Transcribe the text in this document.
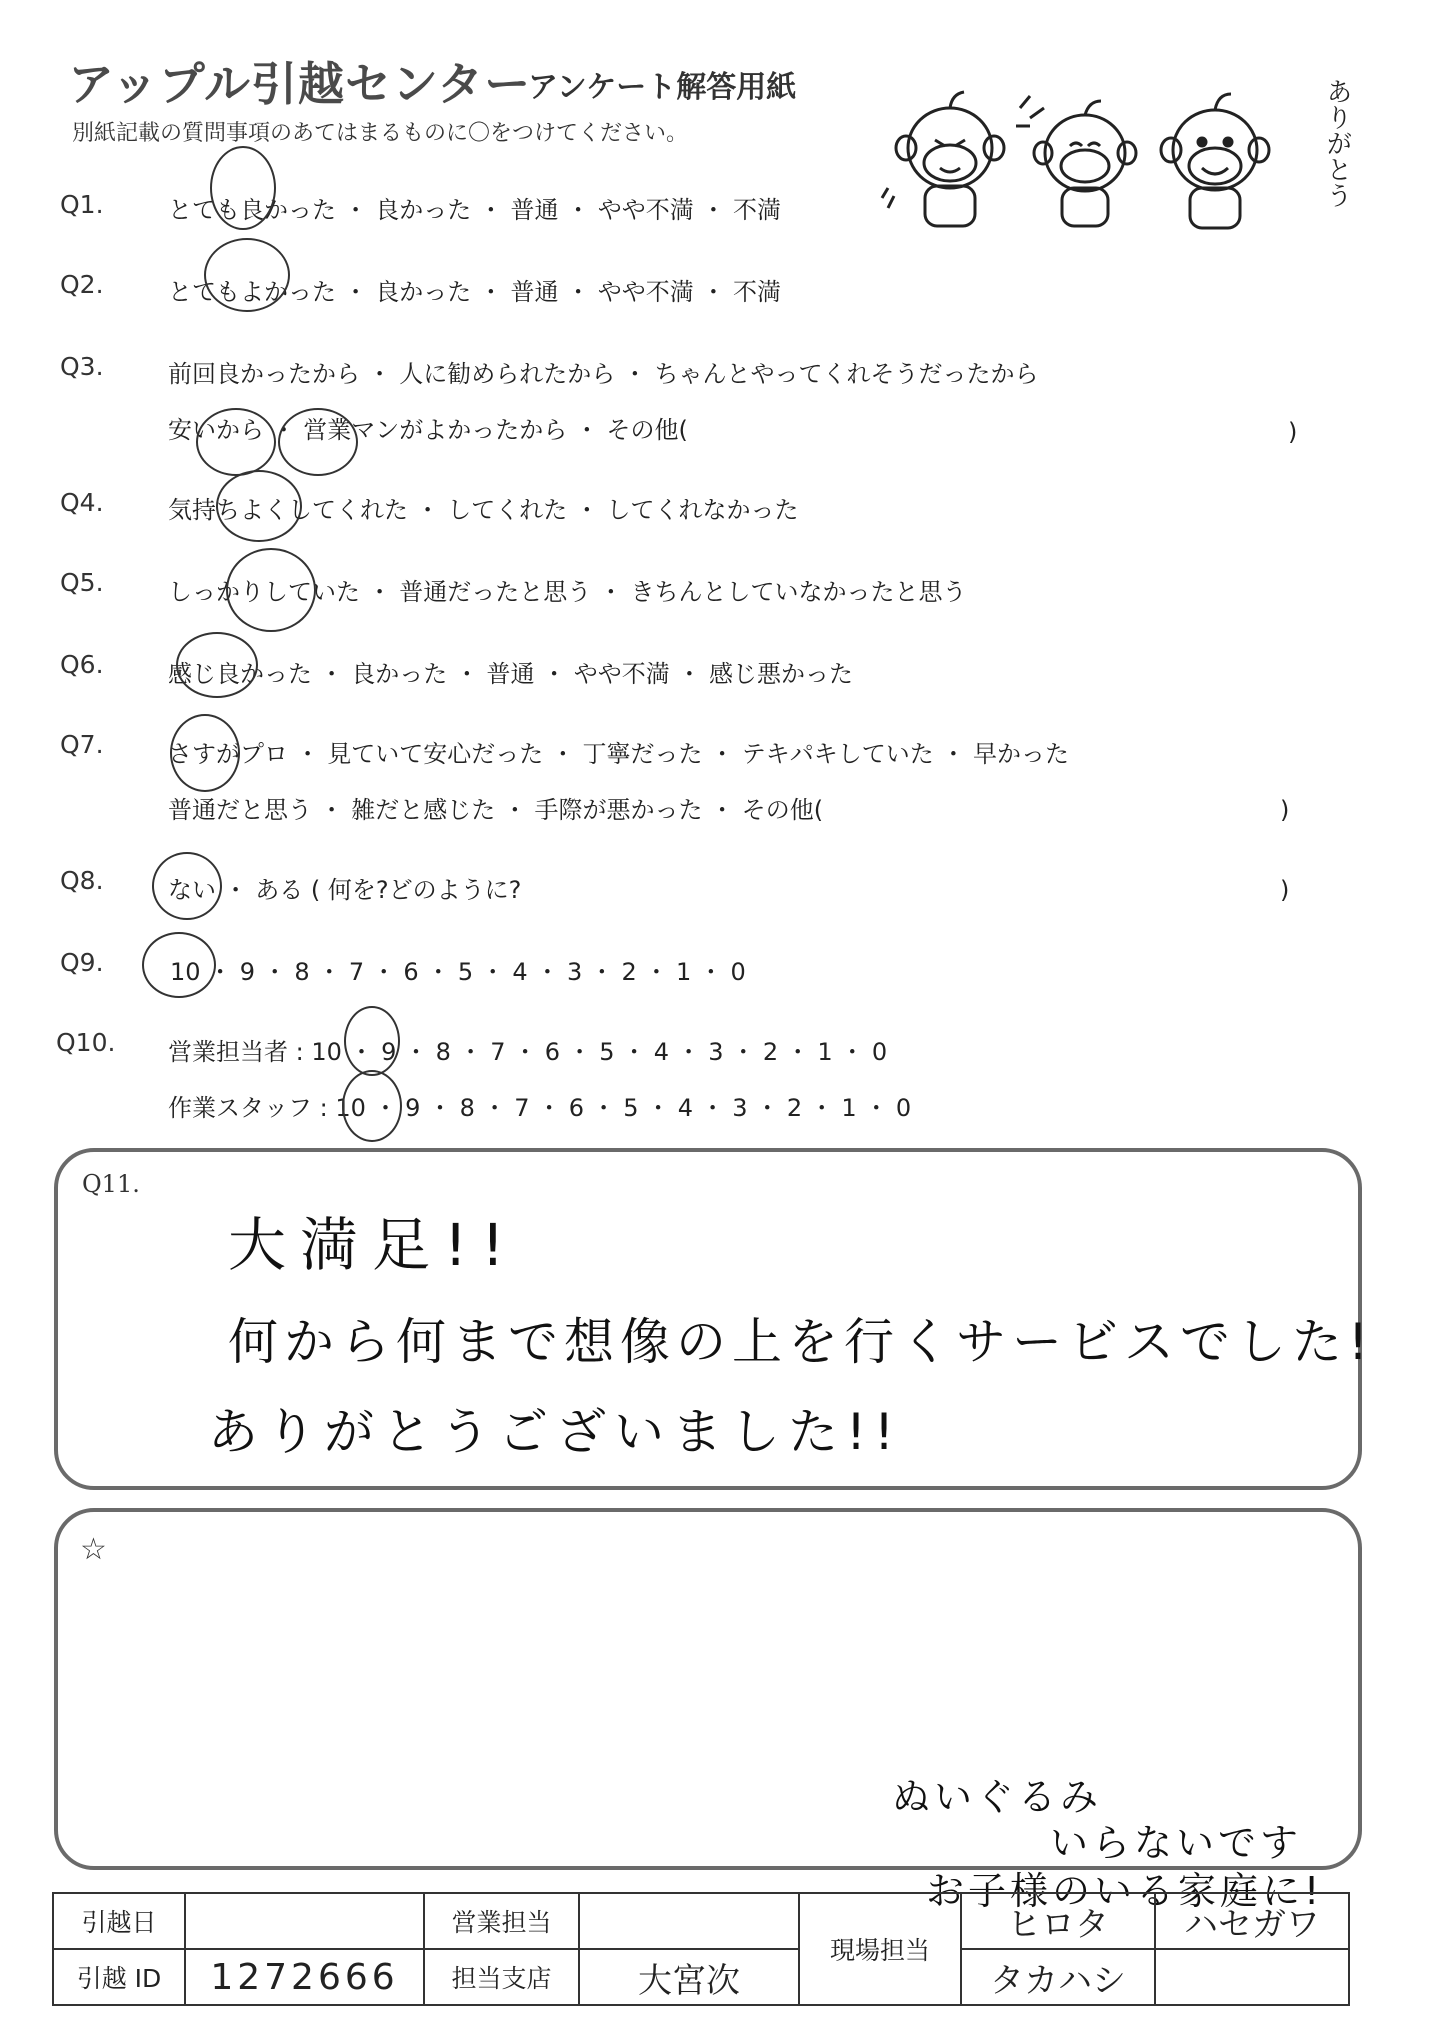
アップル引越センター
アンケート解答用紙
別紙記載の質問事項のあてはまるものに〇をつけてください。	ありがとう
Q1.	とても良かった ・ 良かった ・ 普通 ・ やや不満 ・ 不満
Q2.	とてもよかった ・ 良かった ・ 普通 ・ やや不満 ・ 不満
Q3.	前回良かったから ・ 人に勧められたから ・ ちゃんとやってくれそうだったから
安いから ・ 営業マンがよかったから ・ その他(	)
Q4.	気持ちよくしてくれた ・ してくれた ・ してくれなかった
Q5.	しっかりしていた ・ 普通だったと思う ・ きちんとしていなかったと思う
Q6.	感じ良かった ・ 良かった ・ 普通 ・ やや不満 ・ 感じ悪かった
Q7.	さすがプロ ・ 見ていて安心だった ・ 丁寧だった ・ テキパキしていた ・ 早かった
普通だと思う ・ 雑だと感じた ・ 手際が悪かった ・ その他(	)
Q8.	ない ・ ある ( 何を?どのように?	)
Q9.	10 ・ 9 ・ 8 ・ 7 ・ 6 ・ 5 ・ 4 ・ 3 ・ 2 ・ 1 ・ 0
Q10. 営業担当者 : 10 ・ 9 ・ 8 ・ 7 ・ 6 ・ 5 ・ 4 ・ 3 ・ 2 ・ 1 ・ 0
作業スタッフ : 10 ・ 9 ・ 8 ・ 7 ・ 6 ・ 5 ・ 4 ・ 3 ・ 2 ・ 1 ・ 0
Q11.
大満足!!
何から何まで想像の上を行くサービスでした!
ありがとうございました!!
☆
ぬいぐるみ
いらないです
お子様のいる家庭に!
引越日		営業担当		現場担当	ヒロタ	ハセガワ
引越 ID	1272666	担当支店	大宮次		タカハシ	
